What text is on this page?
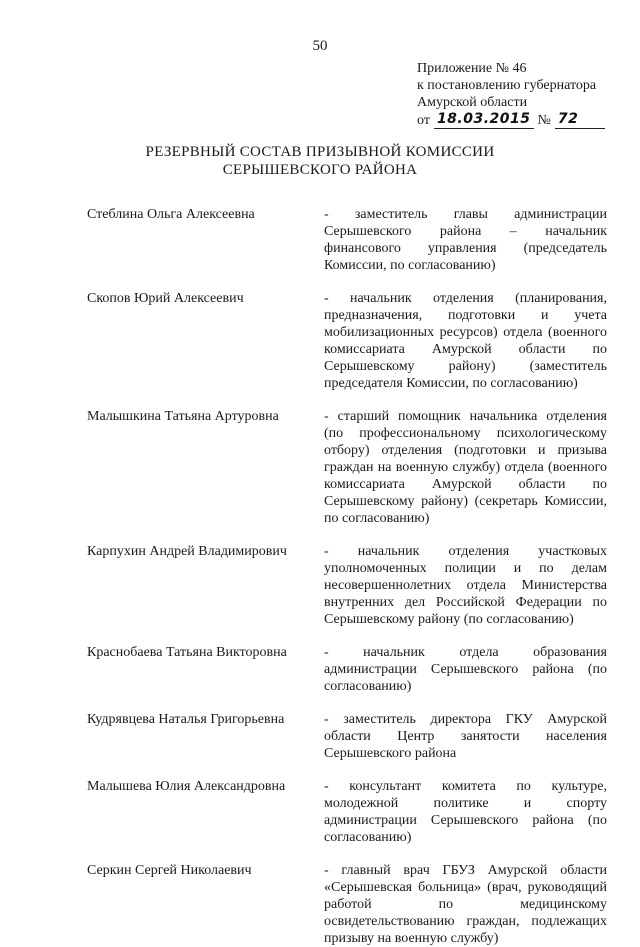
50
Приложение № 46
к постановлению губернатора
Амурской области
от 18.03.2015 № 72
РЕЗЕРВНЫЙ СОСТАВ ПРИЗЫВНОЙ КОМИССИИ
СЕРЫШЕВСКОГО РАЙОНА
Стеблина Ольга Алексеевна	- заместитель главы администрации Серышевского района – начальник финансового управления (председатель Комиссии, по согласованию)
Скопов Юрий Алексеевич	- начальник отделения (планирования, предназначения, подготовки и учета мобилизационных ресурсов) отдела (военного комиссариата Амурской области по Серышевскому району) (заместитель председателя Комиссии, по согласованию)
Малышкина Татьяна Артуровна	- старший помощник начальника отделения (по профессиональному психологическому отбору) отделения (подготовки и призыва граждан на военную службу) отдела (военного комиссариата Амурской области по Серышевскому району) (секретарь Комиссии, по согласованию)
Карпухин Андрей Владимирович	- начальник отделения участковых уполномоченных полиции и по делам несовершеннолетних отдела Министерства внутренних дел Российской Федерации по Серышевскому району (по согласованию)
Краснобаева Татьяна Викторовна	- начальник отдела образования администрации Серышевского района (по согласованию)
Кудрявцева Наталья Григорьевна	- заместитель директора ГКУ Амурской области Центр занятости населения Серышевского района
Малышева Юлия Александровна	- консультант комитета по культуре, молодежной политике и спорту администрации Серышевского района (по согласованию)
Серкин Сергей Николаевич	- главный врач ГБУЗ Амурской области «Серышевская больница» (врач, руководящий работой по медицинскому освидетельствованию граждан, подлежащих призыву на военную службу)
